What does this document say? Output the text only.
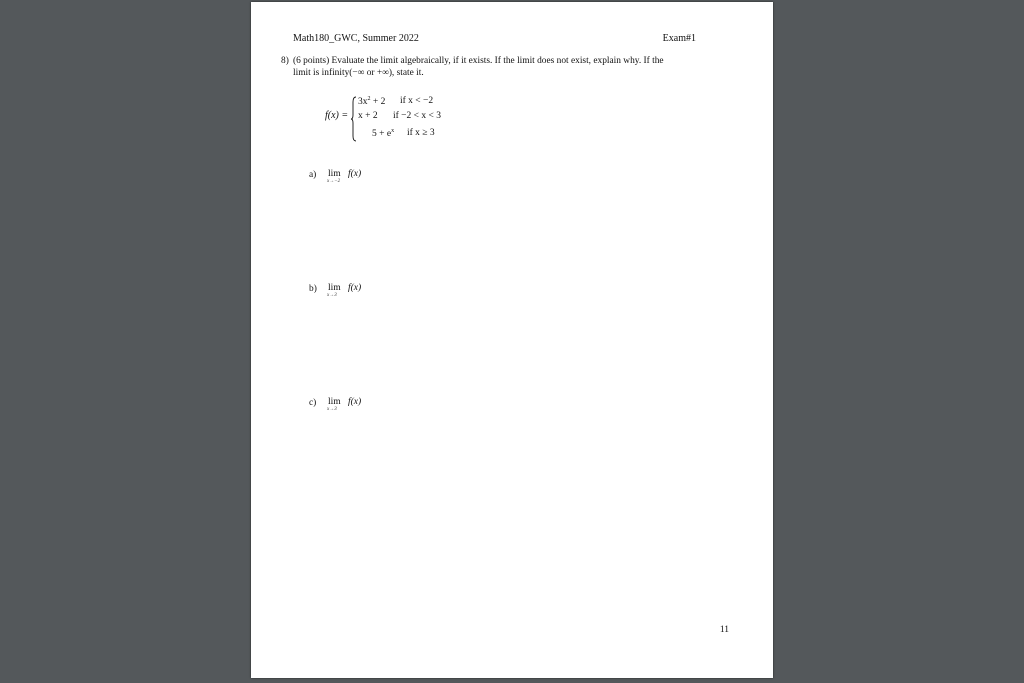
Math180_GWC, Summer 2022	Exam#1
8) (6 points) Evaluate the limit algebraically, if it exists. If the limit does not exist, explain why. If the
limit is infinity(−∞ or +∞), state it.
f(x) =
$3x^2 + 2$ if x < −2
x + 2 if −2 < x < 3
$5 + e^x$ if x ≥ 3
a) lim
x→−2
f(x)
b) lim
x→3
f(x)
c) lim
x→3
f(x)
11
